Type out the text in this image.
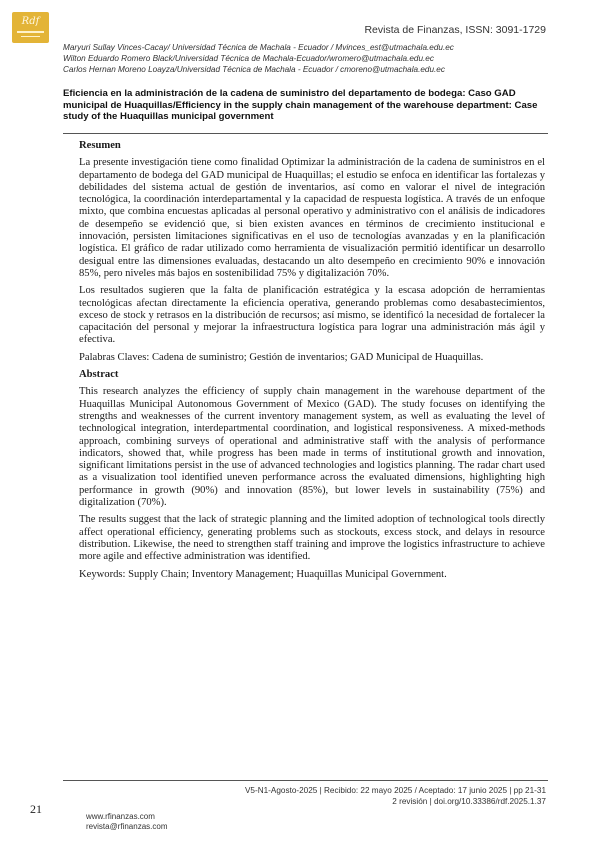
Rdf
Revista de Finanzas, ISSN: 3091-1729
Maryuri Sullay Vinces-Cacay/ Universidad Técnica de Machala - Ecuador / Mvinces_est@utmachala.edu.ec
Wilton Eduardo Romero Black/Universidad Técnica de Machala-Ecuador/wromero@utmachala.edu.ec
Carlos Hernan Moreno Loayza/Universidad Técnica de Machala - Ecuador / cmoreno@utmachala.edu.ec
Eficiencia en la administración de la cadena de suministro del departamento de bodega: Caso GAD municipal de Huaquillas/Efficiency in the supply chain management of the warehouse department: Case study of the Huaquillas municipal government
Resumen

La presente investigación tiene como finalidad Optimizar la administración de la cadena de suministros en el departamento de bodega del GAD municipal de Huaquillas; el estudio se enfoca en identificar las fortalezas y debilidades del sistema actual de gestión de inventarios, así como en valorar el nivel de integración tecnológica, la coordinación interdepartamental y la capacidad de respuesta logística. A través de un enfoque mixto, que combina encuestas aplicadas al personal operativo y administrativo con el análisis de indicadores de desempeño se evidenció que, si bien existen avances en términos de crecimiento institucional e innovación, persisten limitaciones significativas en el uso de tecnologías avanzadas y en la planificación logística. El gráfico de radar utilizado como herramienta de visualización permitió identificar un desarrollo desigual entre las dimensiones evaluadas, destacando un alto desempeño en crecimiento 90% e innovación 85%, pero niveles más bajos en sostenibilidad 75% y digitalización 70%.

Los resultados sugieren que la falta de planificación estratégica y la escasa adopción de herramientas tecnológicas afectan directamente la eficiencia operativa, generando problemas como desabastecimientos, exceso de stock y retrasos en la distribución de recursos; así mismo, se identificó la necesidad de fortalecer la capacitación del personal y mejorar la infraestructura logística para lograr una administración más ágil y efectiva.

Palabras Claves: Cadena de suministro; Gestión de inventarios; GAD Municipal de Huaquillas.

Abstract

This research analyzes the efficiency of supply chain management in the warehouse department of the Huaquillas Municipal Autonomous Government of Mexico (GAD). The study focuses on identifying the strengths and weaknesses of the current inventory management system, as well as evaluating the level of technological integration, interdepartmental coordination, and logistical responsiveness. A mixed-methods approach, combining surveys of operational and administrative staff with the analysis of performance indicators, showed that, while progress has been made in terms of institutional growth and innovation, significant limitations persist in the use of advanced technologies and logistics planning. The radar chart used as a visualization tool identified uneven performance across the evaluated dimensions, highlighting high performance in growth (90%) and innovation (85%), but lower levels in sustainability (75%) and digitalization (70%).

The results suggest that the lack of strategic planning and the limited adoption of technological tools directly affect operational efficiency, generating problems such as stockouts, excess stock, and delays in resource distribution. Likewise, the need to strengthen staff training and improve the logistics infrastructure to achieve more agile and effective administration was identified.

Keywords: Supply Chain; Inventory Management; Huaquillas Municipal Government.

V5-N1-Agosto-2025 | Recibido: 22 mayo 2025 / Aceptado: 17 junio 2025 | pp 21-31
2 revisión | doi.org/10.33386/rdf.2025.1.37
21
www.rfinanzas.com
revista@rfinanzas.com
